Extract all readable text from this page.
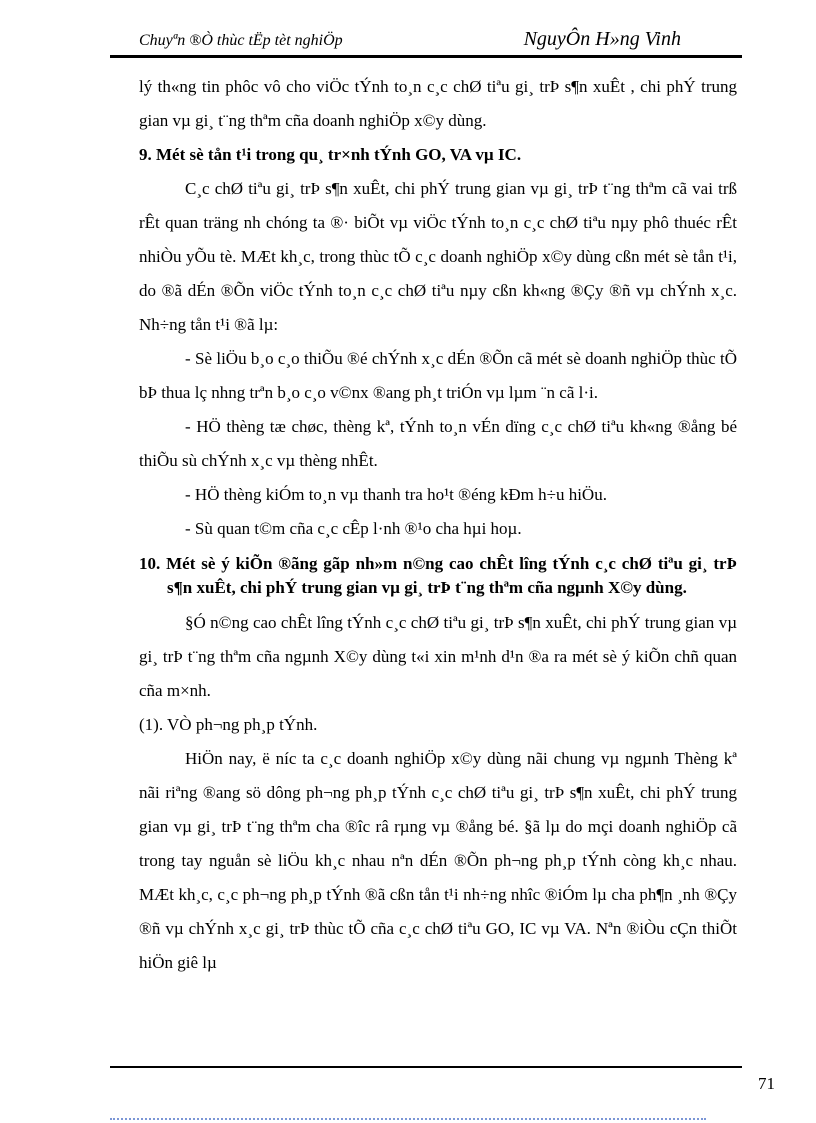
Chuyªn ®Ò thùc tËp tèt nghiÖp	NguyÔn H»ng Vinh

lý th«ng tin phôc vô cho viÖc tÝnh to¸n c¸c chØ tiªu gi¸ trÞ s¶n xuÊt , chi phÝ trung gian vµ gi¸ t¨ng thªm cña doanh nghiÖp x©y dùng.

9. Mét sè tån t¹i trong qu¸ tr×nh tÝnh GO, VA vµ IC.

C¸c chØ tiªu gi¸ trÞ s¶n xuÊt, chi phÝ trung gian vµ gi¸ trÞ t¨ng thªm cã vai trß rÊt quan träng nh chóng ta ®· biÕt vµ viÖc tÝnh to¸n c¸c chØ tiªu nµy phô thuéc rÊt nhiÒu yÕu tè. MÆt kh¸c, trong thùc tÕ c¸c doanh nghiÖp x©y dùng cßn mét sè tån t¹i, do ®ã dÉn ®Õn viÖc tÝnh to¸n c¸c chØ tiªu nµy cßn kh«ng ®Çy ®ñ vµ chÝnh x¸c. Nh÷ng tån t¹i ®ã lµ:

- Sè liÖu b¸o c¸o thiÕu ®é chÝnh x¸c dÉn ®Õn cã mét sè doanh nghiÖp thùc tÕ bÞ thua lç nhng trªn b¸o c¸o v©nx ®ang ph¸t triÓn vµ lµm ¨n cã l·i.

- HÖ thèng tæ chøc, thèng kª, tÝnh to¸n vÉn dïng c¸c chØ tiªu kh«ng ®ång bé thiÕu sù chÝnh x¸c vµ thèng nhÊt.

- HÖ thèng kiÓm to¸n vµ thanh tra ho¹t ®éng kÐm h÷u hiÖu.

- Sù quan t©m cña c¸c cÊp l·nh ®¹o cha hµi hoµ.

10. Mét sè ý kiÕn ®ãng gãp nh»m n©ng cao chÊt lîng tÝnh c¸c chØ tiªu gi¸ trÞ s¶n xuÊt, chi phÝ trung gian vµ gi¸ trÞ t¨ng thªm cña ngµnh X©y dùng.

§Ó n©ng cao chÊt lîng tÝnh c¸c chØ tiªu gi¸ trÞ s¶n xuÊt, chi phÝ trung gian vµ gi¸ trÞ t¨ng thªm cña ngµnh X©y dùng t«i xin m¹nh d¹n ®a ra mét sè ý kiÕn chñ quan cña m×nh.

(1). VÒ ph¬ng ph¸p tÝnh.

HiÖn nay, ë níc ta c¸c doanh nghiÖp x©y dùng nãi chung vµ ngµnh Thèng kª nãi riªng ®ang sö dông ph¬ng ph¸p tÝnh c¸c chØ tiªu gi¸ trÞ s¶n xuÊt, chi phÝ trung gian vµ gi¸ trÞ t¨ng thªm cha ®îc râ rµng vµ ®ång bé. §ã lµ do mçi doanh nghiÖp cã trong tay nguån sè liÖu kh¸c nhau nªn dÉn ®Õn ph¬ng ph¸p tÝnh còng kh¸c nhau. MÆt kh¸c, c¸c ph¬ng ph¸p tÝnh ®ã cßn tån t¹i nh÷ng nhîc ®iÓm lµ cha ph¶n ¸nh ®Çy ®ñ vµ chÝnh x¸c gi¸ trÞ thùc tÕ cña c¸c chØ tiªu GO, IC vµ VA. Nªn ®iÒu cÇn thiÕt hiÖn giê lµ

71
